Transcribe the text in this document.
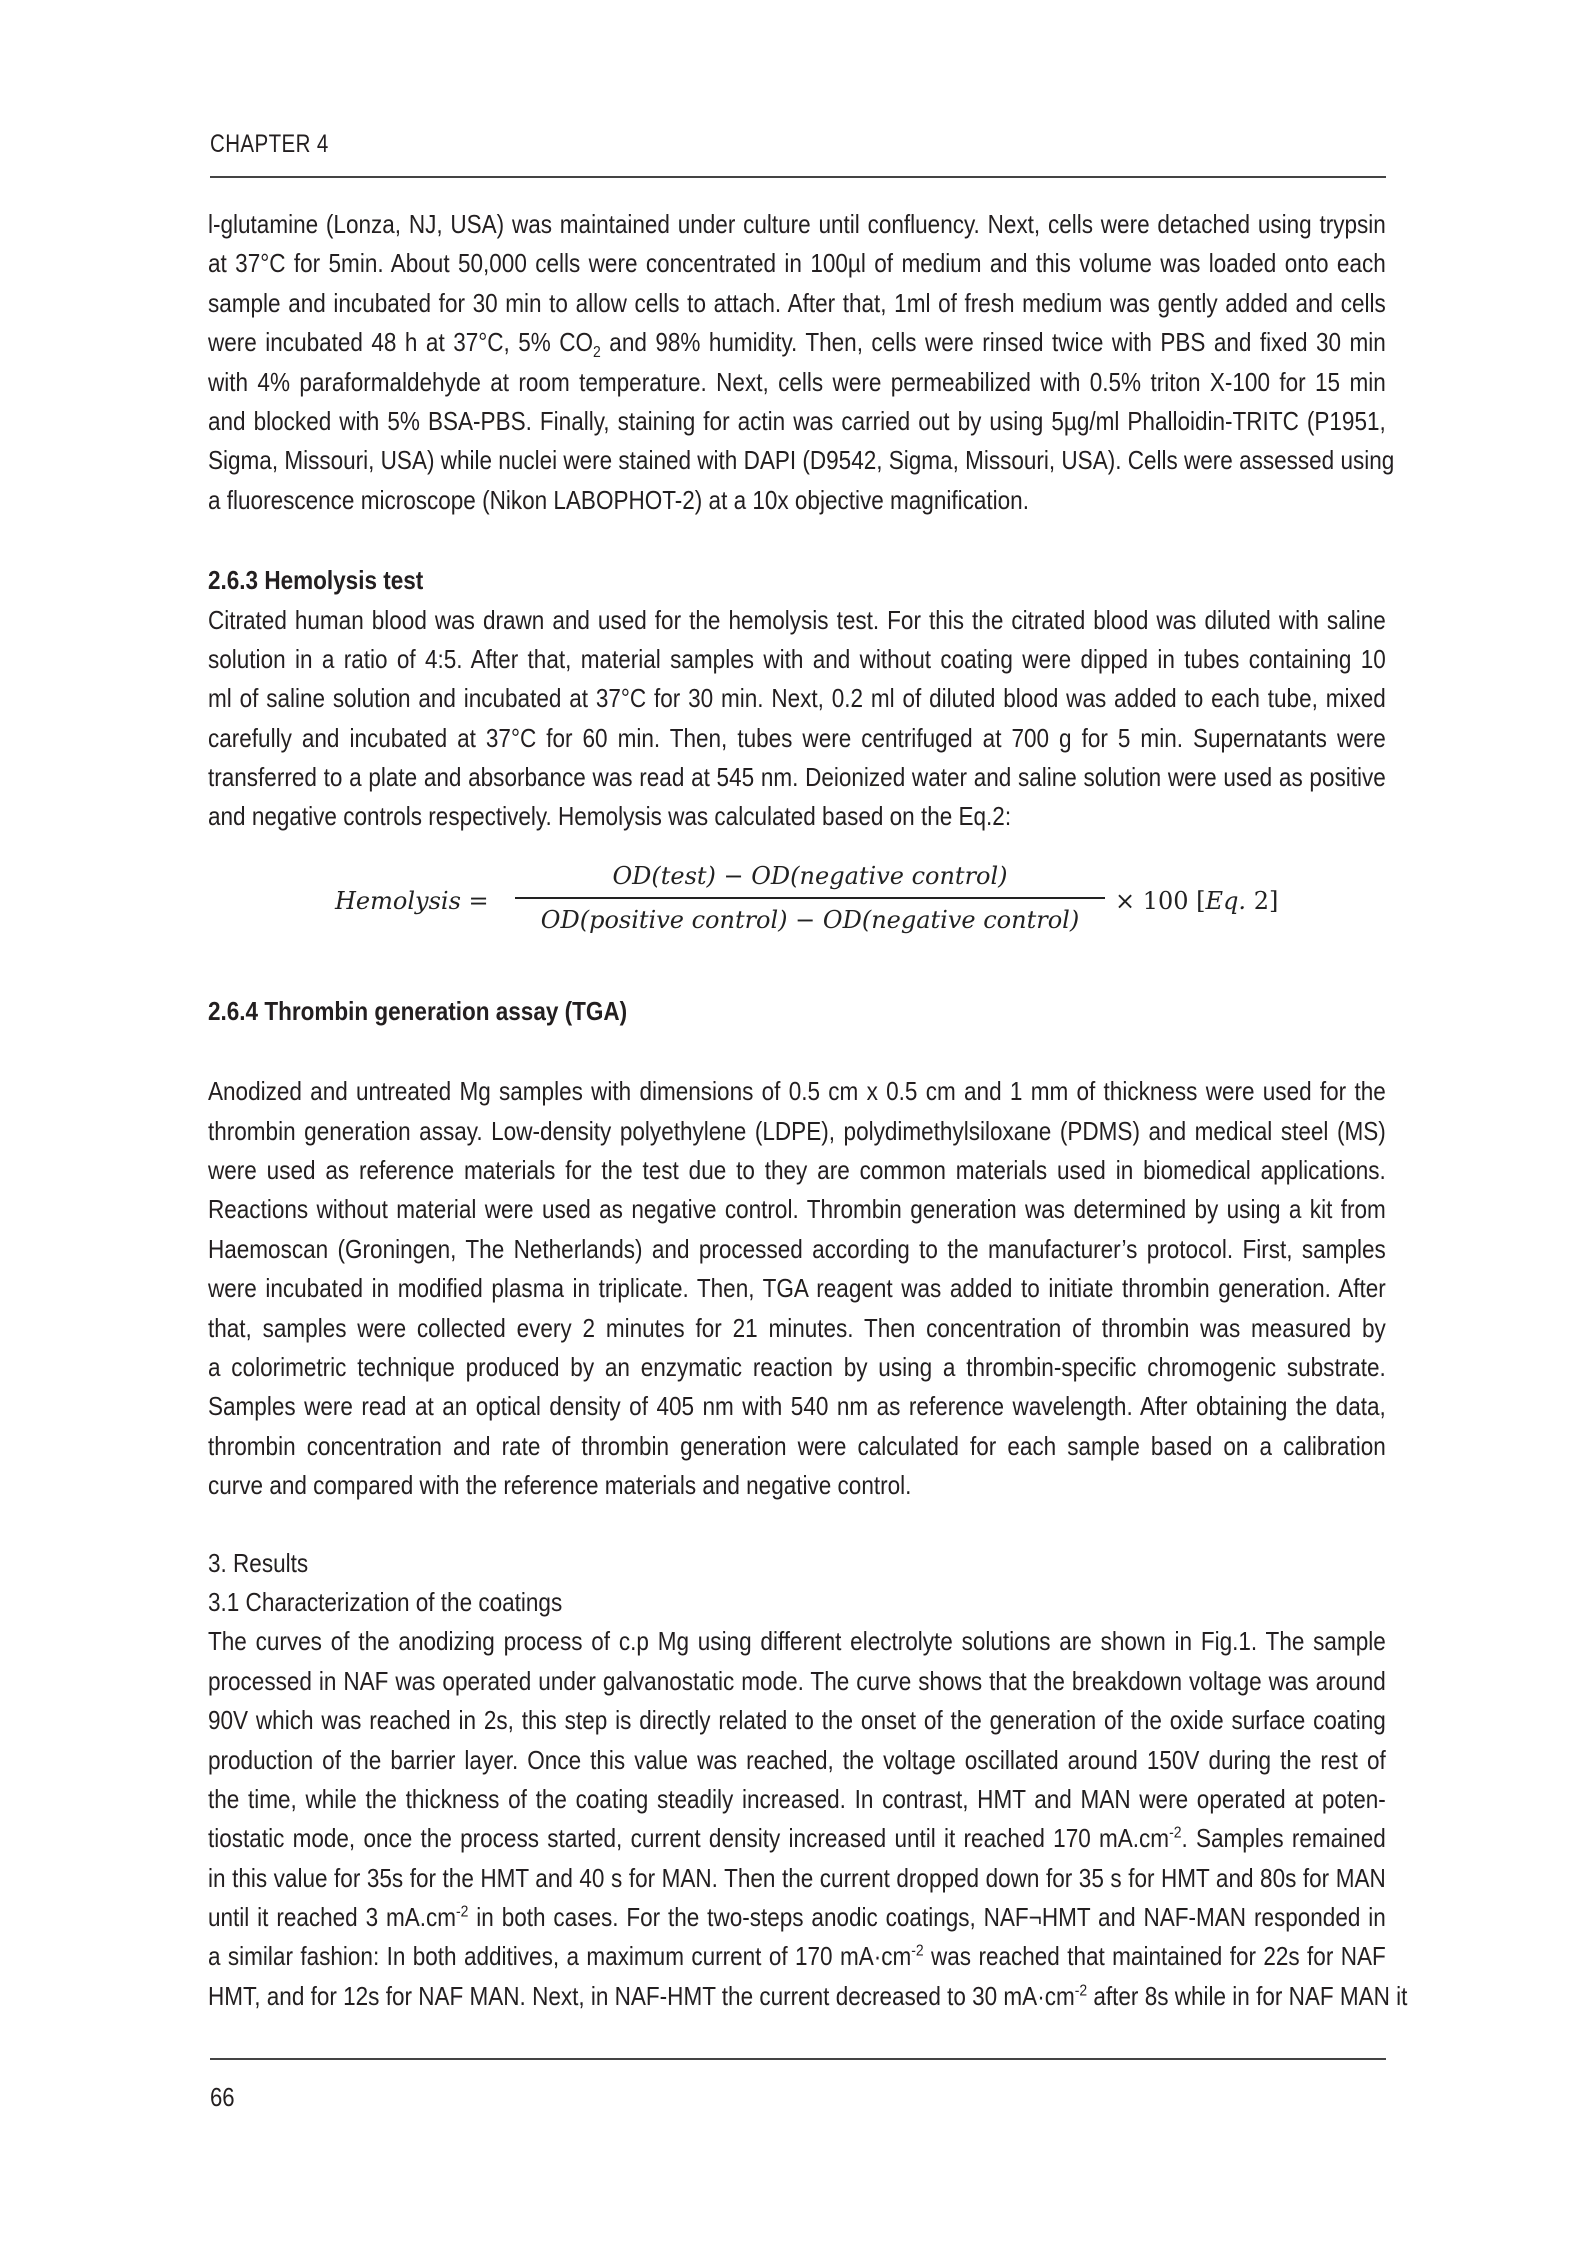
CHAPTER 4
l-glutamine (Lonza, NJ, USA) was maintained under culture until confluency. Next, cells were detached using trypsin
at 37°C for 5min. About 50,000 cells were concentrated in 100µl of medium and this volume was loaded onto each
sample and incubated for 30 min to allow cells to attach. After that, 1ml of fresh medium was gently added and cells
were incubated 48 h at 37°C, 5% $CO_2$ and 98% humidity. Then, cells were rinsed twice with PBS and fixed 30 min
with 4% paraformaldehyde at room temperature. Next, cells were permeabilized with 0.5% triton X-100 for 15 min
and blocked with 5% BSA-PBS. Finally, staining for actin was carried out by using 5µg/ml Phalloidin-TRITC (P1951,
Sigma, Missouri, USA) while nuclei were stained with DAPI (D9542, Sigma, Missouri, USA). Cells were assessed using
a fluorescence microscope (Nikon LABOPHOT-2) at a 10x objective magnification.
2.6.3 Hemolysis test
Citrated human blood was drawn and used for the hemolysis test. For this the citrated blood was diluted with saline
solution in a ratio of 4:5. After that, material samples with and without coating were dipped in tubes containing 10
ml of saline solution and incubated at 37°C for 30 min. Next, 0.2 ml of diluted blood was added to each tube, mixed
carefully and incubated at 37°C for 60 min. Then, tubes were centrifuged at 700 g for 5 min. Supernatants were
transferred to a plate and absorbance was read at 545 nm. Deionized water and saline solution were used as positive
and negative controls respectively. Hemolysis was calculated based on the Eq.2:
2.6.4 Thrombin generation assay (TGA)
Anodized and untreated Mg samples with dimensions of 0.5 cm x 0.5 cm and 1 mm of thickness were used for the
thrombin generation assay. Low-density polyethylene (LDPE), polydimethylsiloxane (PDMS) and medical steel (MS)
were used as reference materials for the test due to they are common materials used in biomedical applications.
Reactions without material were used as negative control. Thrombin generation was determined by using a kit from
Haemoscan (Groningen, The Netherlands) and processed according to the manufacturer’s protocol. First, samples
were incubated in modified plasma in triplicate. Then, TGA reagent was added to initiate thrombin generation. After
that, samples were collected every 2 minutes for 21 minutes. Then concentration of thrombin was measured by
a colorimetric technique produced by an enzymatic reaction by using a thrombin-specific chromogenic substrate.
Samples were read at an optical density of 405 nm with 540 nm as reference wavelength. After obtaining the data,
thrombin concentration and rate of thrombin generation were calculated for each sample based on a calibration
curve and compared with the reference materials and negative control.
3. Results
3.1 Characterization of the coatings
The curves of the anodizing process of c.p Mg using different electrolyte solutions are shown in Fig.1. The sample
processed in NAF was operated under galvanostatic mode. The curve shows that the breakdown voltage was around
90V which was reached in 2s, this step is directly related to the onset of the generation of the oxide surface coating
production of the barrier layer. Once this value was reached, the voltage oscillated around 150V during the rest of
the time, while the thickness of the coating steadily increased. In contrast, HMT and MAN were operated at poten-
tiostatic mode, once the process started, current density increased until it reached 170 $mA.cm^{-2}$. Samples remained
in this value for 35s for the HMT and 40 s for MAN. Then the current dropped down for 35 s for HMT and 80s for MAN
until it reached 3 $mA.cm^{-2}$ in both cases. For the two-steps anodic coatings, NAF¬HMT and NAF-MAN responded in
a similar fashion: In both additives, a maximum current of 170 $mA\cdot cm^{-2}$ was reached that maintained for 22s for NAF
HMT, and for 12s for NAF MAN. Next, in NAF-HMT the current decreased to 30 $mA\cdot cm^{-2}$ after 8s while in for NAF MAN it
Hemolysis =
OD(test) − OD(negative control)
OD(positive control) − OD(negative control)
× 100 [Eq. 2]
66
